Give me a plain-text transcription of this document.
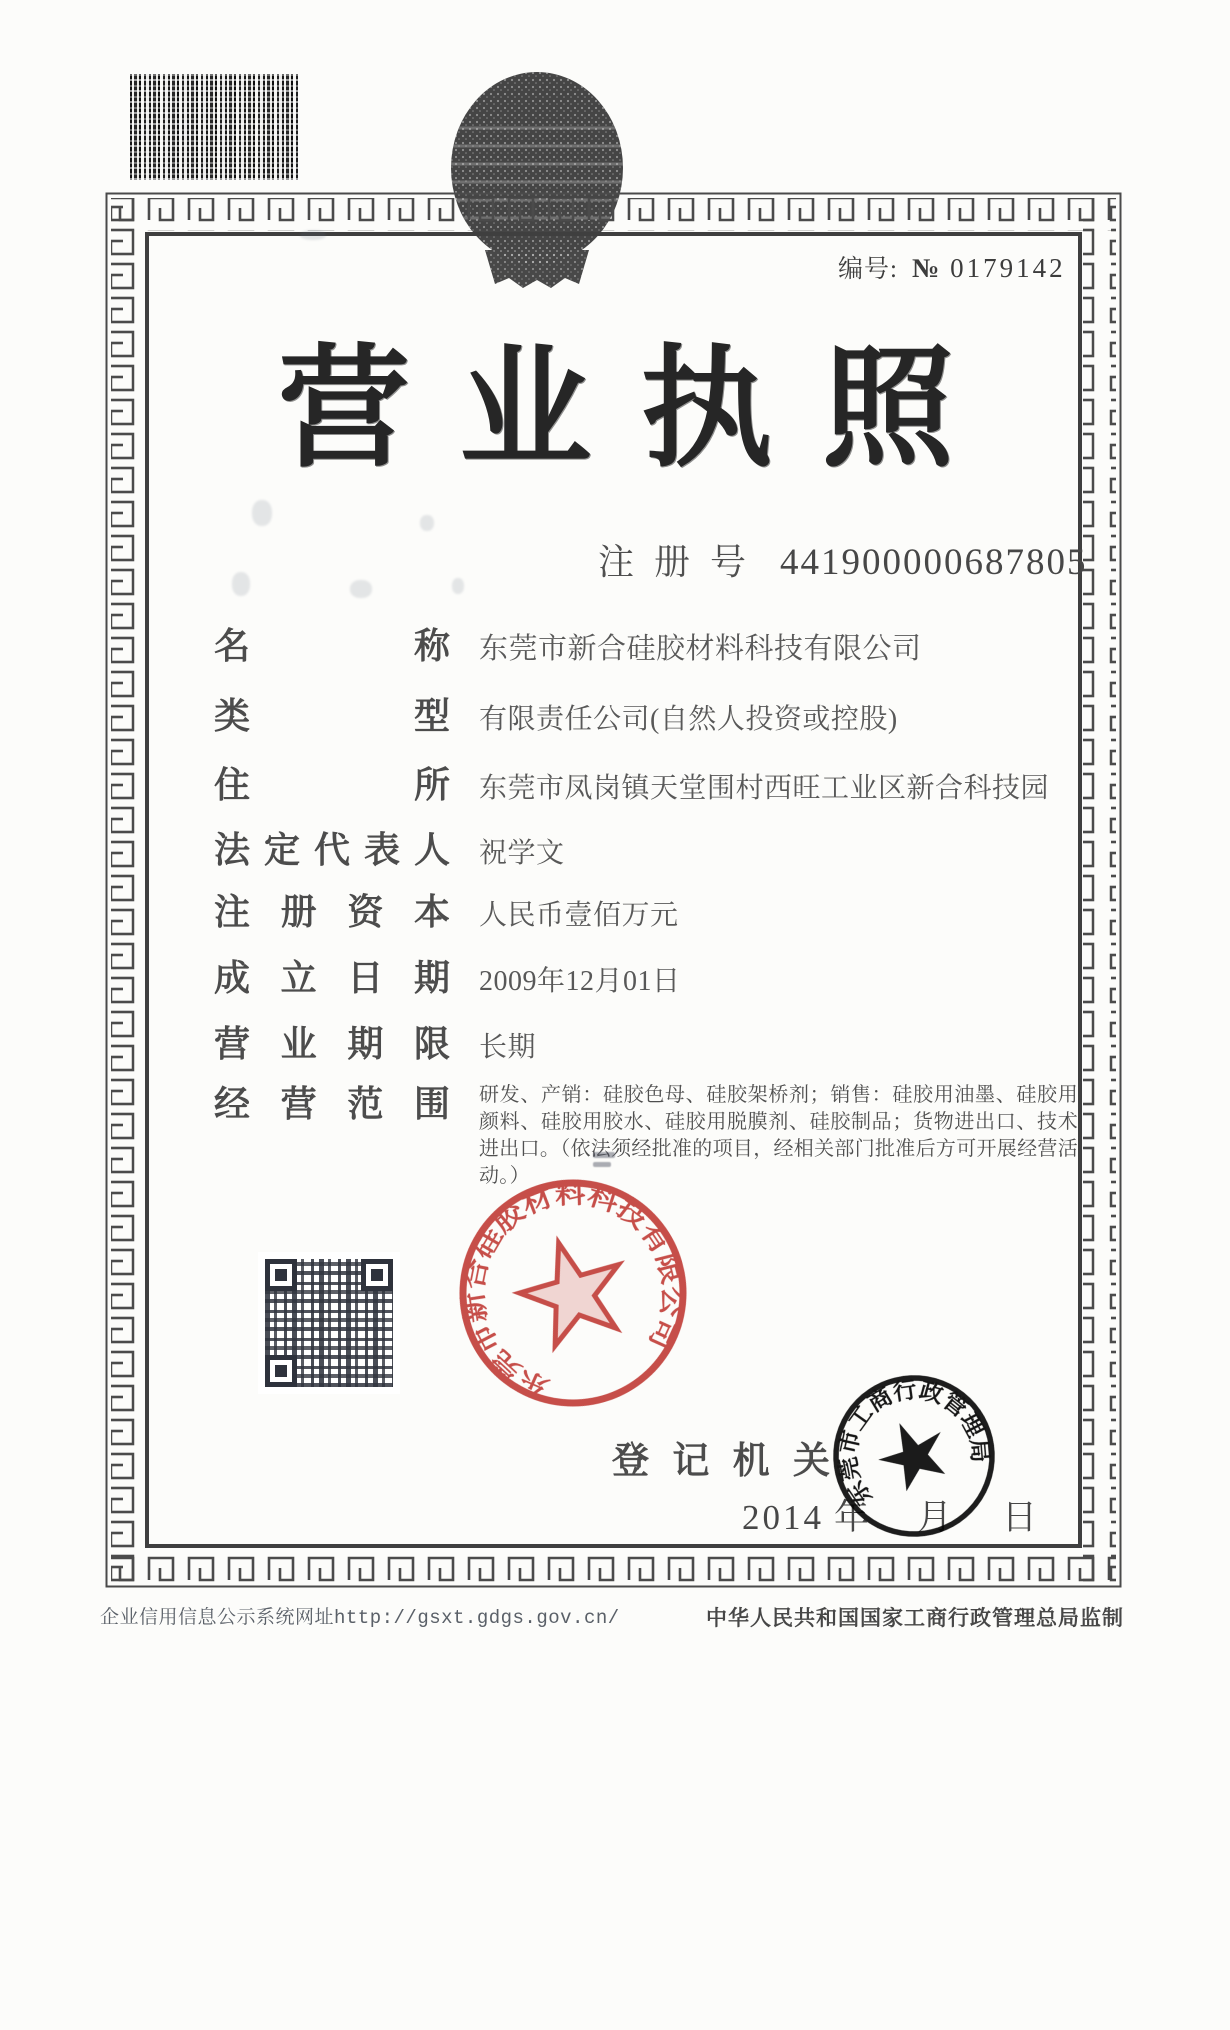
编号: № 0179142
营 业 执 照
注 册 号 441900000687805
名	称 东莞市新合硅胶材料科技有限公司
类	型 有限责任公司(自然人投资或控股)
住	所 东莞市凤岗镇天堂围村西旺工业区新合科技园
法 定 代 表 人 祝学文
注 册 资 本 人民币壹佰万元
成 立 日 期 2009年12月01日
营 业 期 限 长期
经 营 范 围 研发、产销：硅胶色母、硅胶架桥剂；销售：硅胶用油墨、硅胶用颜料、硅胶用胶水、硅胶用脱膜剂、硅胶制品；货物进出口、技术进出口。（依法须经批准的项目，经相关部门批准后方可开展经营活动。）
东莞市新合硅胶材料科技有限公司
登 记 机 关
2014 年 月 日
东莞市工商行政管理局
企业信用信息公示系统网址http://gsxt.gdgs.gov.cn/	中华人民共和国国家工商行政管理总局监制
